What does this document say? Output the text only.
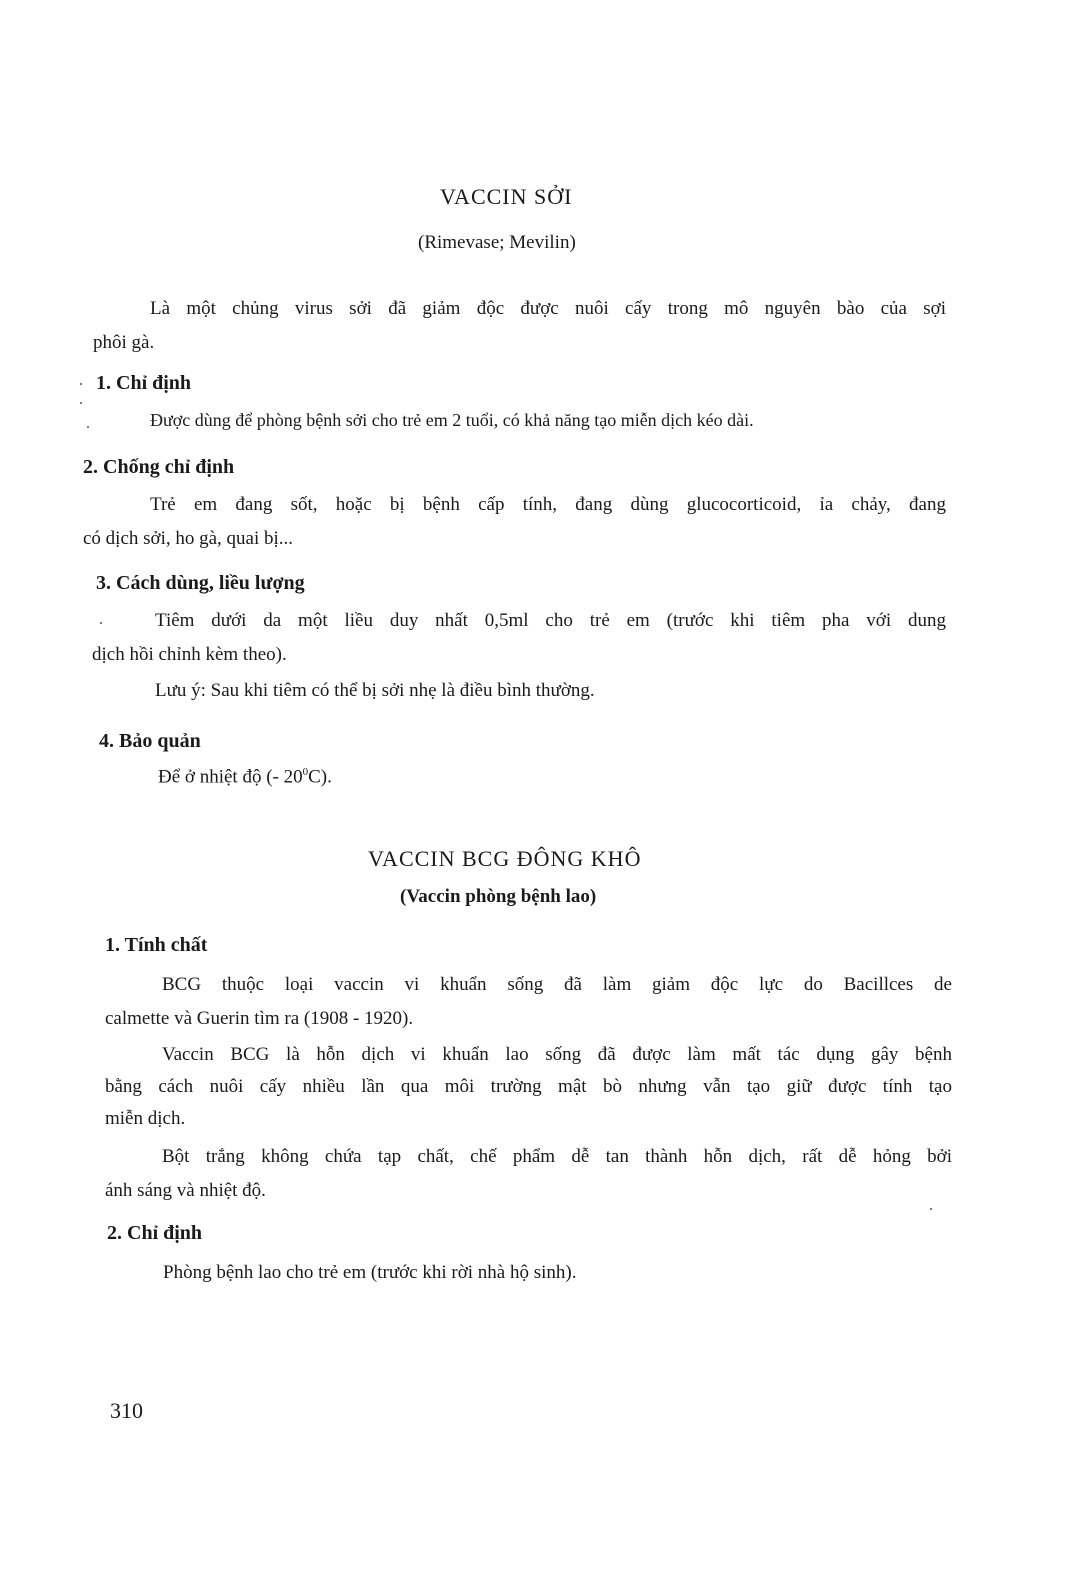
VACCIN SỞI
(Rimevase; Mevilin)
Là một chủng virus sởi đã giảm độc được nuôi cấy trong mô nguyên bào của sợi
phôi gà.
1. Chỉ định
Được dùng để phòng bệnh sởi cho trẻ em 2 tuổi, có khả năng tạo miễn dịch kéo dài.
2. Chống chỉ định
Trẻ em đang sốt, hoặc bị bệnh cấp tính, đang dùng glucocorticoid, ỉa chảy, đang
có dịch sởi, ho gà, quai bị...
3. Cách dùng, liều lượng
Tiêm dưới da một liều duy nhất 0,5ml cho trẻ em (trước khi tiêm pha với dung
dịch hồi chỉnh kèm theo).
Lưu ý: Sau khi tiêm có thể bị sởi nhẹ là điều bình thường.
4. Bảo quản
Để ở nhiệt độ (- $20^0C$).
VACCIN BCG ĐÔNG KHÔ
(Vaccin phòng bệnh lao)
1. Tính chất
BCG thuộc loại vaccin vi khuẩn sống đã làm giảm độc lực do Bacillces de
calmette và Guerin tìm ra (1908 - 1920).
Vaccin BCG là hỗn dịch vi khuẩn lao sống đã được làm mất tác dụng gây bệnh
bằng cách nuôi cấy nhiều lần qua môi trường mật bò nhưng vẫn tạo giữ được tính tạo
miễn dịch.
Bột trắng không chứa tạp chất, chế phẩm dễ tan thành hỗn dịch, rất dễ hỏng bởi
ánh sáng và nhiệt độ.
2. Chỉ định
Phòng bệnh lao cho trẻ em (trước khi rời nhà hộ sinh).
310
